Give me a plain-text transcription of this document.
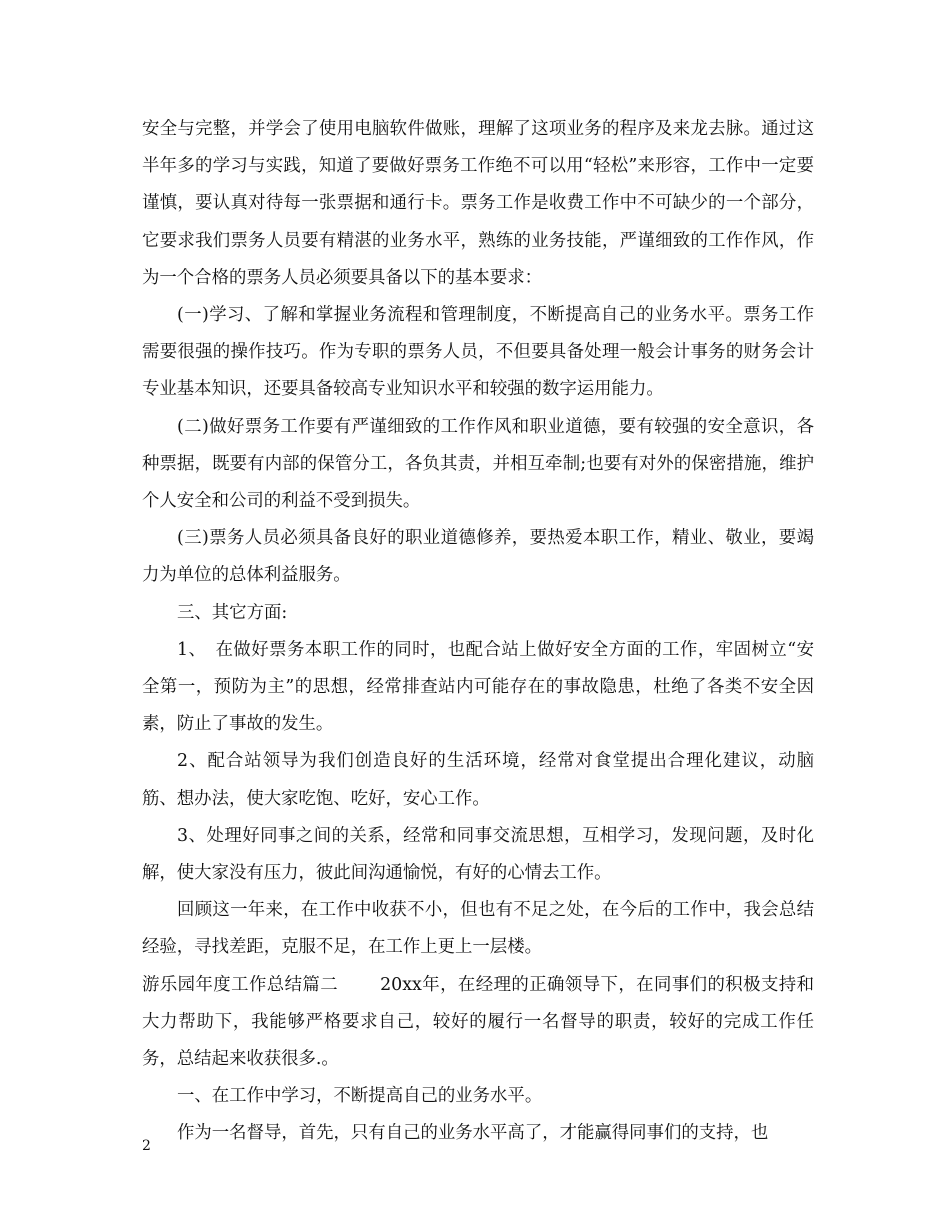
安全与完整，并学会了使用电脑软件做账，理解了这项业务的程序及来龙去脉。通过这半年多的学习与实践，知道了要做好票务工作绝不可以用“轻松”来形容，工作中一定要谨慎，要认真对待每一张票据和通行卡。票务工作是收费工作中不可缺少的一个部分，它要求我们票务人员要有精湛的业务水平，熟练的业务技能，严谨细致的工作作风，作为一个合格的票务人员必须要具备以下的基本要求：

(一)学习、了解和掌握业务流程和管理制度，不断提高自己的业务水平。票务工作需要很强的操作技巧。作为专职的票务人员，不但要具备处理一般会计事务的财务会计专业基本知识，还要具备较高专业知识水平和较强的数字运用能力。

(二)做好票务工作要有严谨细致的工作作风和职业道德，要有较强的安全意识，各种票据，既要有内部的保管分工，各负其责，并相互牵制;也要有对外的保密措施，维护个人安全和公司的利益不受到损失。

(三)票务人员必须具备良好的职业道德修养，要热爱本职工作，精业、敬业，要竭力为单位的总体利益服务。

三、其它方面:

1、　在做好票务本职工作的同时，也配合站上做好安全方面的工作，牢固树立“安全第一，预防为主”的思想，经常排查站内可能存在的事故隐患，杜绝了各类不安全因素，防止了事故的发生。

2、配合站领导为我们创造良好的生活环境，经常对食堂提出合理化建议，动脑筋、想办法，使大家吃饱、吃好，安心工作。

3、处理好同事之间的关系，经常和同事交流思想，互相学习，发现问题，及时化解，使大家没有压力，彼此间沟通愉悦，有好的心情去工作。

回顾这一年来，在工作中收获不小，但也有不足之处，在今后的工作中，我会总结经验，寻找差距，克服不足，在工作上更上一层楼。

游乐园年度工作总结篇二 20xx年，在经理的正确领导下，在同事们的积极支持和大力帮助下，我能够严格要求自己，较好的履行一名督导的职责，较好的完成工作任务，总结起来收获很多.。

一、在工作中学习，不断提高自己的业务水平。

作为一名督导，首先，只有自己的业务水平高了，才能赢得同事们的支持，也

2
